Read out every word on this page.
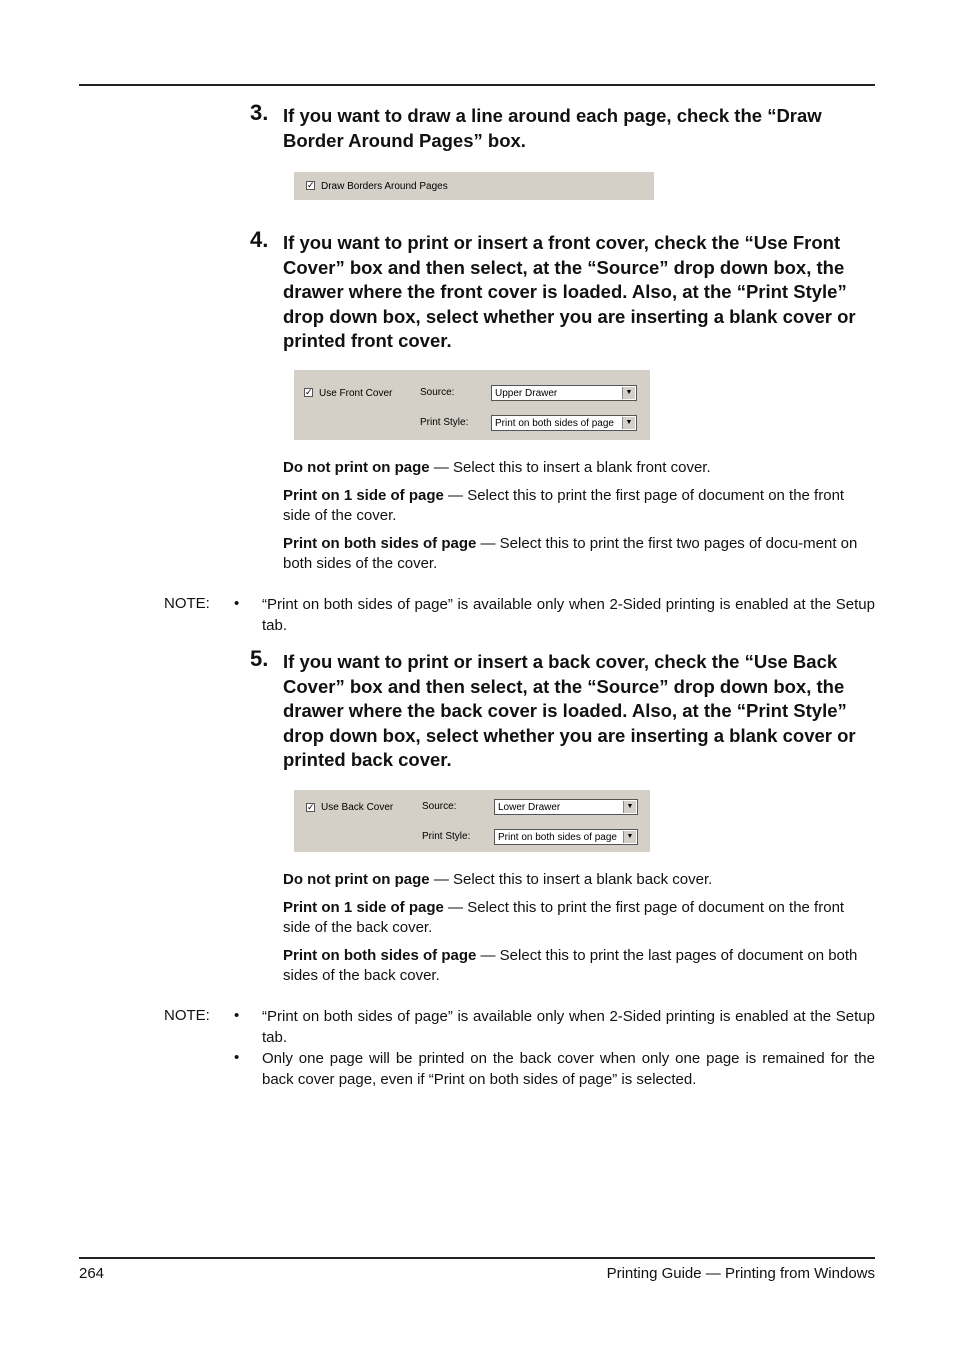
3. If you want to draw a line around each page, check the “Draw Border Around Pages” box.
✓ Draw Borders Around Pages
4. If you want to print or insert a front cover, check the “Use Front Cover” box and then select, at the “Source” drop down box, the drawer where the front cover is loaded. Also, at the “Print Style” drop down box, select whether you are inserting a blank cover or printed front cover.
✓ Use Front Cover	Source:	Upper Drawer	▼
Print Style:	Print on both sides of page	▼
Do not print on page — Select this to insert a blank front cover.
Print on 1 side of page — Select this to print the first page of document on the front side of the cover.
Print on both sides of page — Select this to print the first two pages of docu-ment on both sides of the cover.
NOTE: • “Print on both sides of page” is available only when 2-Sided printing is enabled at the Setup tab.
5. If you want to print or insert a back cover, check the “Use Back Cover” box and then select, at the “Source” drop down box, the drawer where the back cover is loaded. Also, at the “Print Style” drop down box, select whether you are inserting a blank cover or printed back cover.
✓ Use Back Cover	Source:	Lower Drawer	▼
Print Style:	Print on both sides of page	▼
Do not print on page — Select this to insert a blank back cover.
Print on 1 side of page — Select this to print the first page of document on the front side of the back cover.
Print on both sides of page — Select this to print the last pages of document on both sides of the back cover.
NOTE: • “Print on both sides of page” is available only when 2-Sided printing is enabled at the Setup tab.
• Only one page will be printed on the back cover when only one page is remained for the back cover page, even if “Print on both sides of page” is selected.
264	Printing Guide — Printing from Windows
